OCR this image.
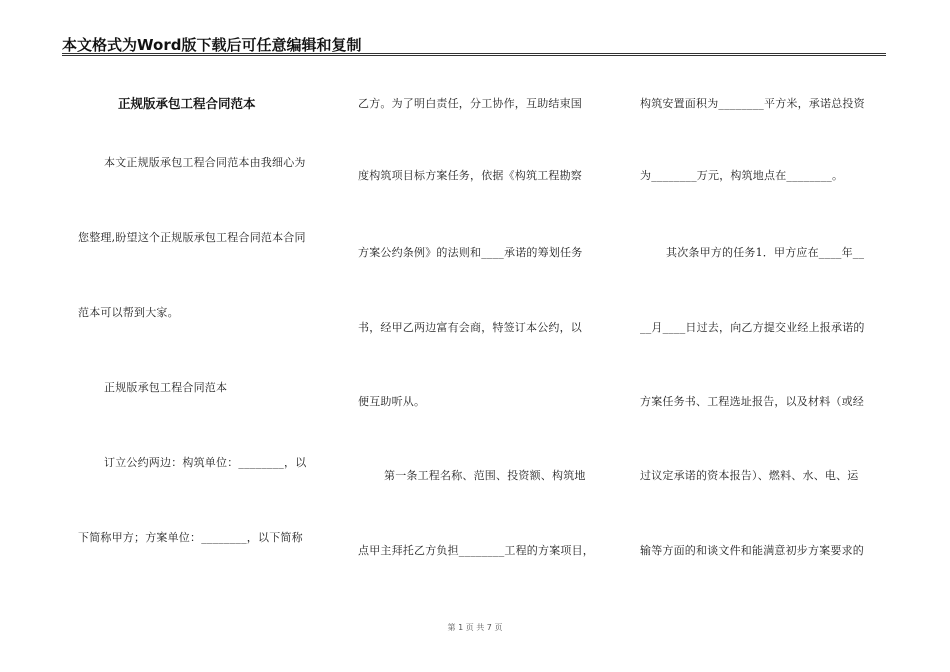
本文格式为Word版下载后可任意编辑和复制
正规版承包工程合同范本
本文正规版承包工程合同范本由我细心为
您整理,盼望这个正规版承包工程合同范本合同
范本可以帮到大家。
正规版承包工程合同范本
订立公约两边：构筑单位：________，以
下简称甲方；方案单位：________，以下简称
乙方。为了明白责任，分工协作，互助结束国
度构筑项目标方案任务，依据《构筑工程勘察
方案公约条例》的法则和____承诺的筹划任务
书，经甲乙两边富有会商，特签订本公约，以
便互助听从。
第一条工程名称、范围、投资额、构筑地
点甲主拜托乙方负担________工程的方案项目，
构筑安置面积为________平方米，承诺总投资
为________万元，构筑地点在________。
其次条甲方的任务1．甲方应在____年__
__月____日过去，向乙方提交业经上报承诺的
方案任务书、工程选址报告，以及材料（或经
过议定承诺的资本报告）、燃料、水、电、运
输等方面的和谈文件和能满意初步方案要求的
第 1 页 共 7 页
